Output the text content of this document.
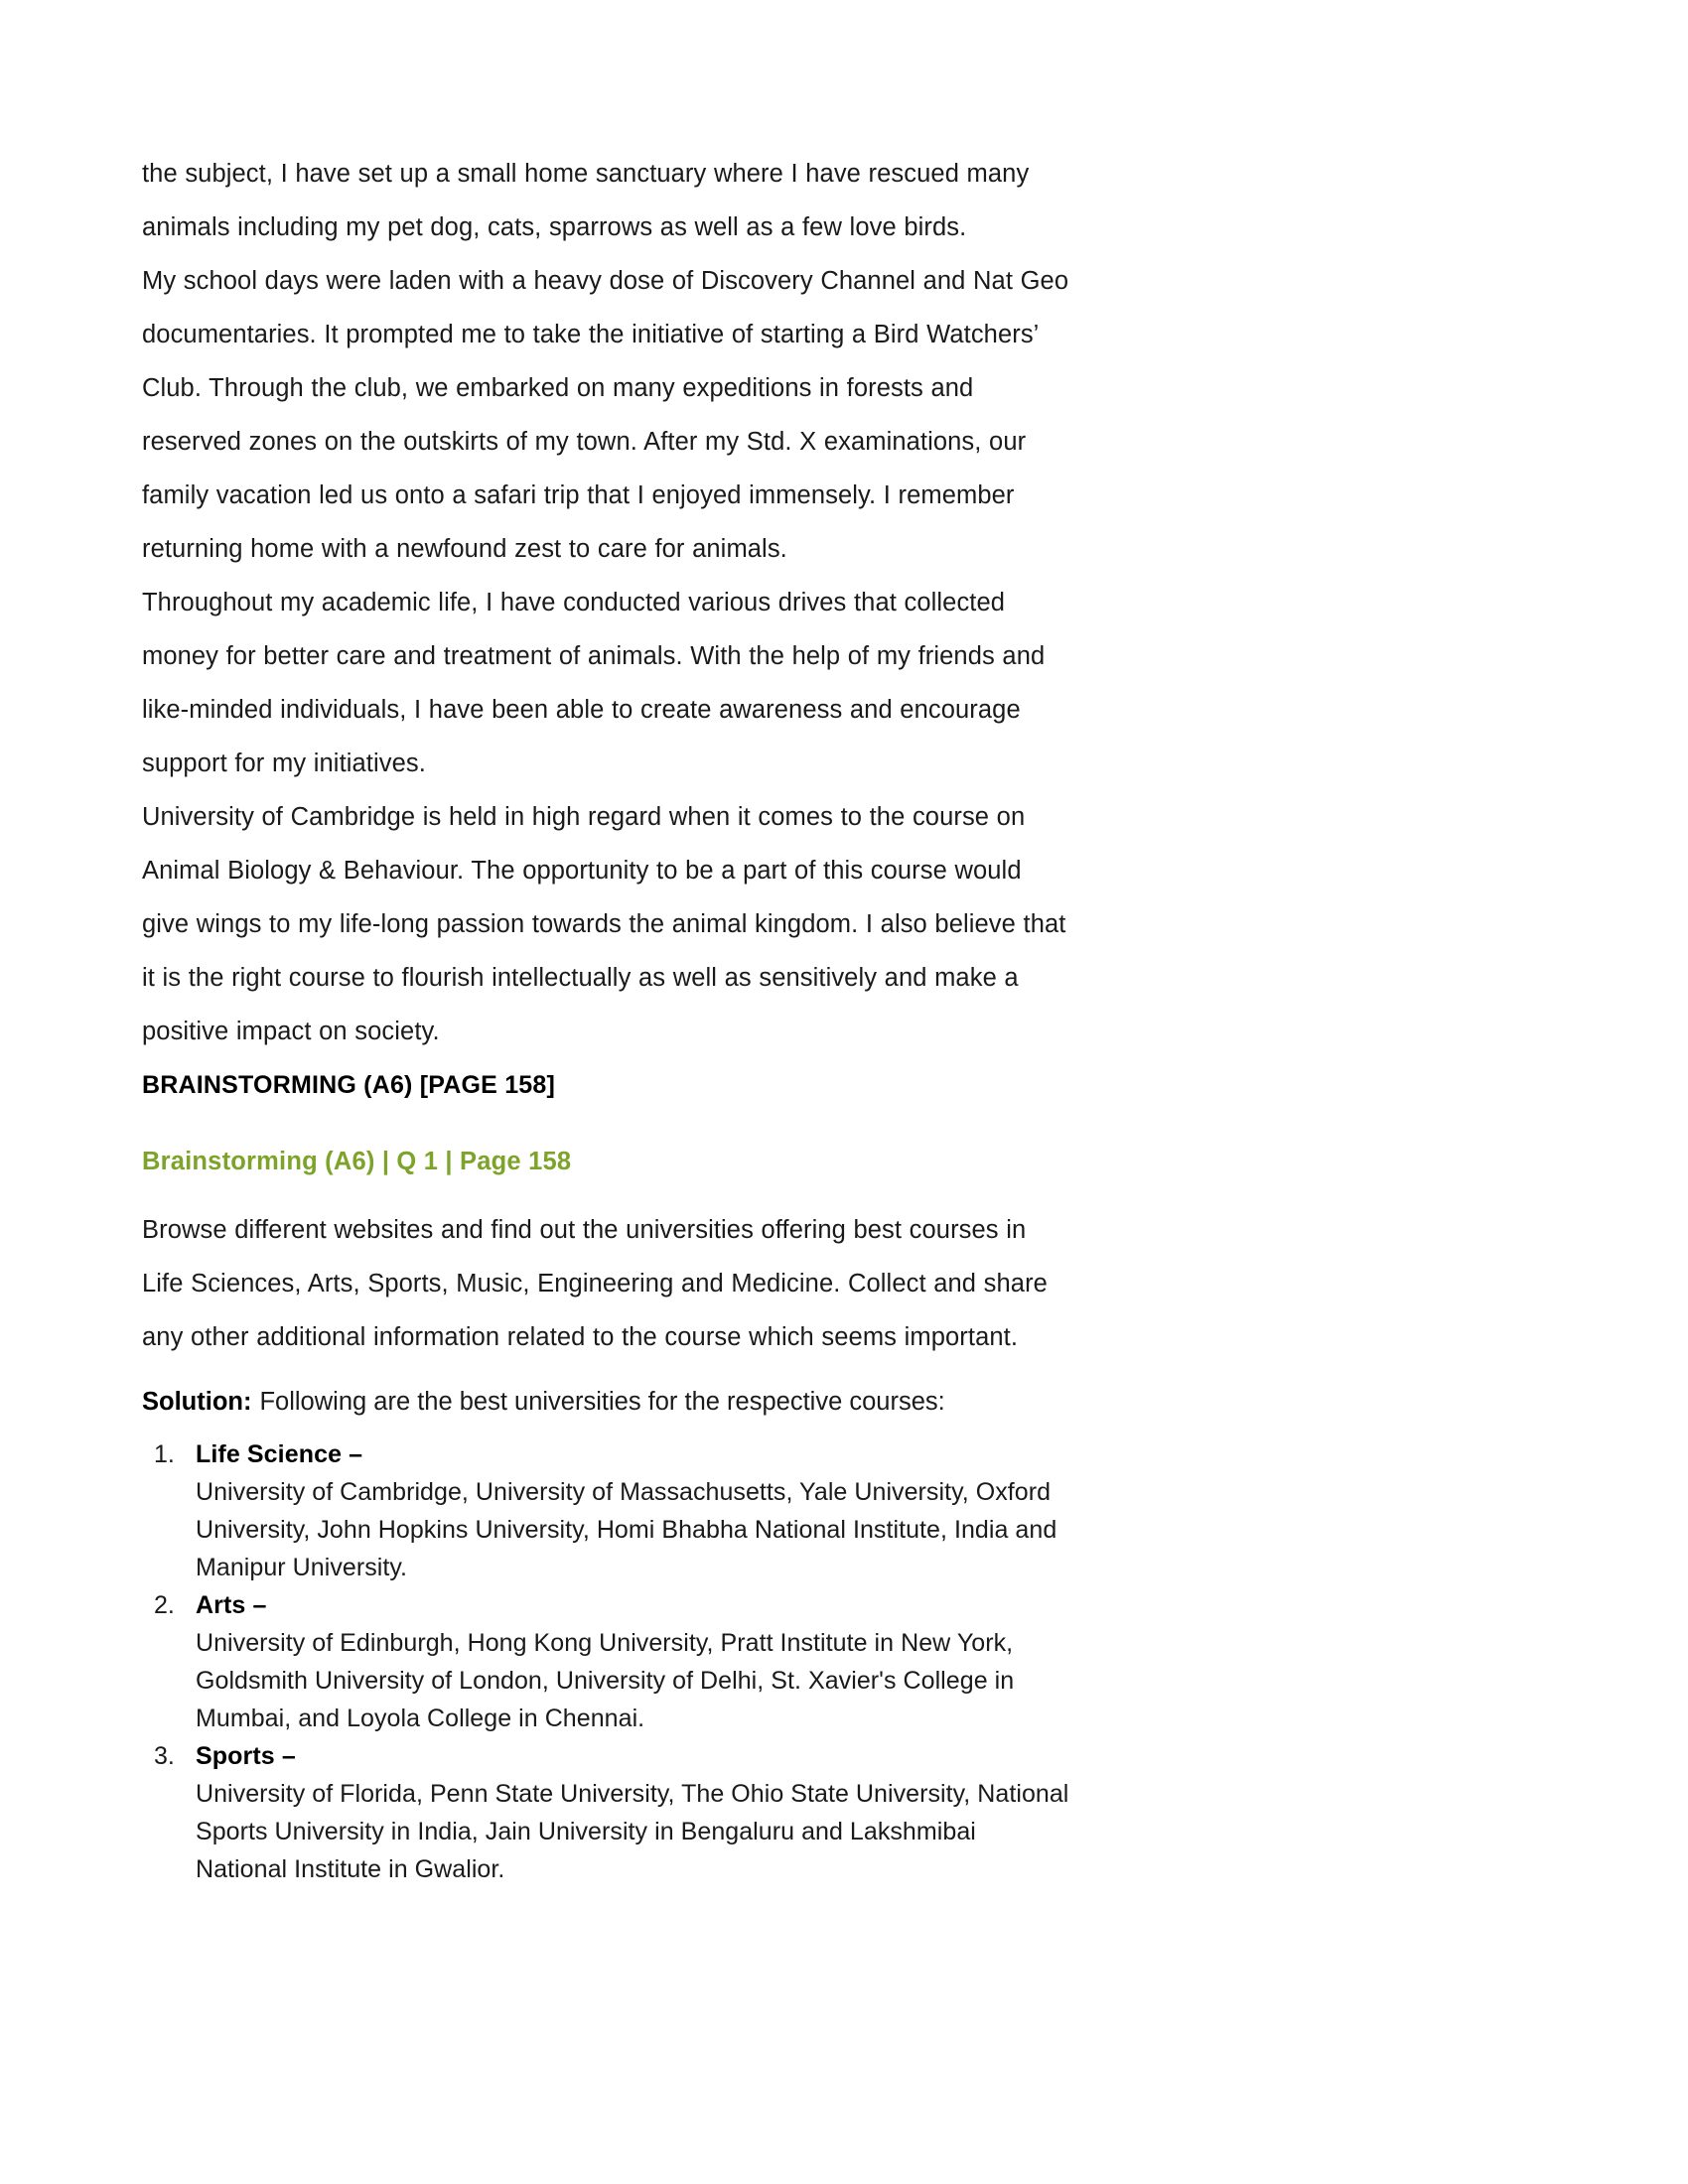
the subject, I have set up a small home sanctuary where I have rescued many animals including my pet dog, cats, sparrows as well as a few love birds.

My school days were laden with a heavy dose of Discovery Channel and Nat Geo documentaries. It prompted me to take the initiative of starting a Bird Watchers’ Club. Through the club, we embarked on many expeditions in forests and reserved zones on the outskirts of my town. After my Std. X examinations, our family vacation led us onto a safari trip that I enjoyed immensely. I remember returning home with a newfound zest to care for animals.

Throughout my academic life, I have conducted various drives that collected money for better care and treatment of animals. With the help of my friends and like-minded individuals, I have been able to create awareness and encourage support for my initiatives.

University of Cambridge is held in high regard when it comes to the course on Animal Biology & Behaviour. The opportunity to be a part of this course would give wings to my life-long passion towards the animal kingdom. I also believe that it is the right course to flourish intellectually as well as sensitively and make a positive impact on society.

BRAINSTORMING (A6) [PAGE 158]

Brainstorming (A6) | Q 1 | Page 158

Browse different websites and find out the universities offering best courses in Life Sciences, Arts, Sports, Music, Engineering and Medicine. Collect and share any other additional information related to the course which seems important.

Solution: Following are the best universities for the respective courses:

Life Science –
University of Cambridge, University of Massachusetts, Yale University, Oxford University, John Hopkins University, Homi Bhabha National Institute, India and Manipur University.
Arts –
University of Edinburgh, Hong Kong University, Pratt Institute in New York, Goldsmith University of London, University of Delhi, St. Xavier's College in Mumbai, and Loyola College in Chennai.
Sports –
University of Florida, Penn State University, The Ohio State University, National Sports University in India, Jain University in Bengaluru and Lakshmibai National Institute in Gwalior.
